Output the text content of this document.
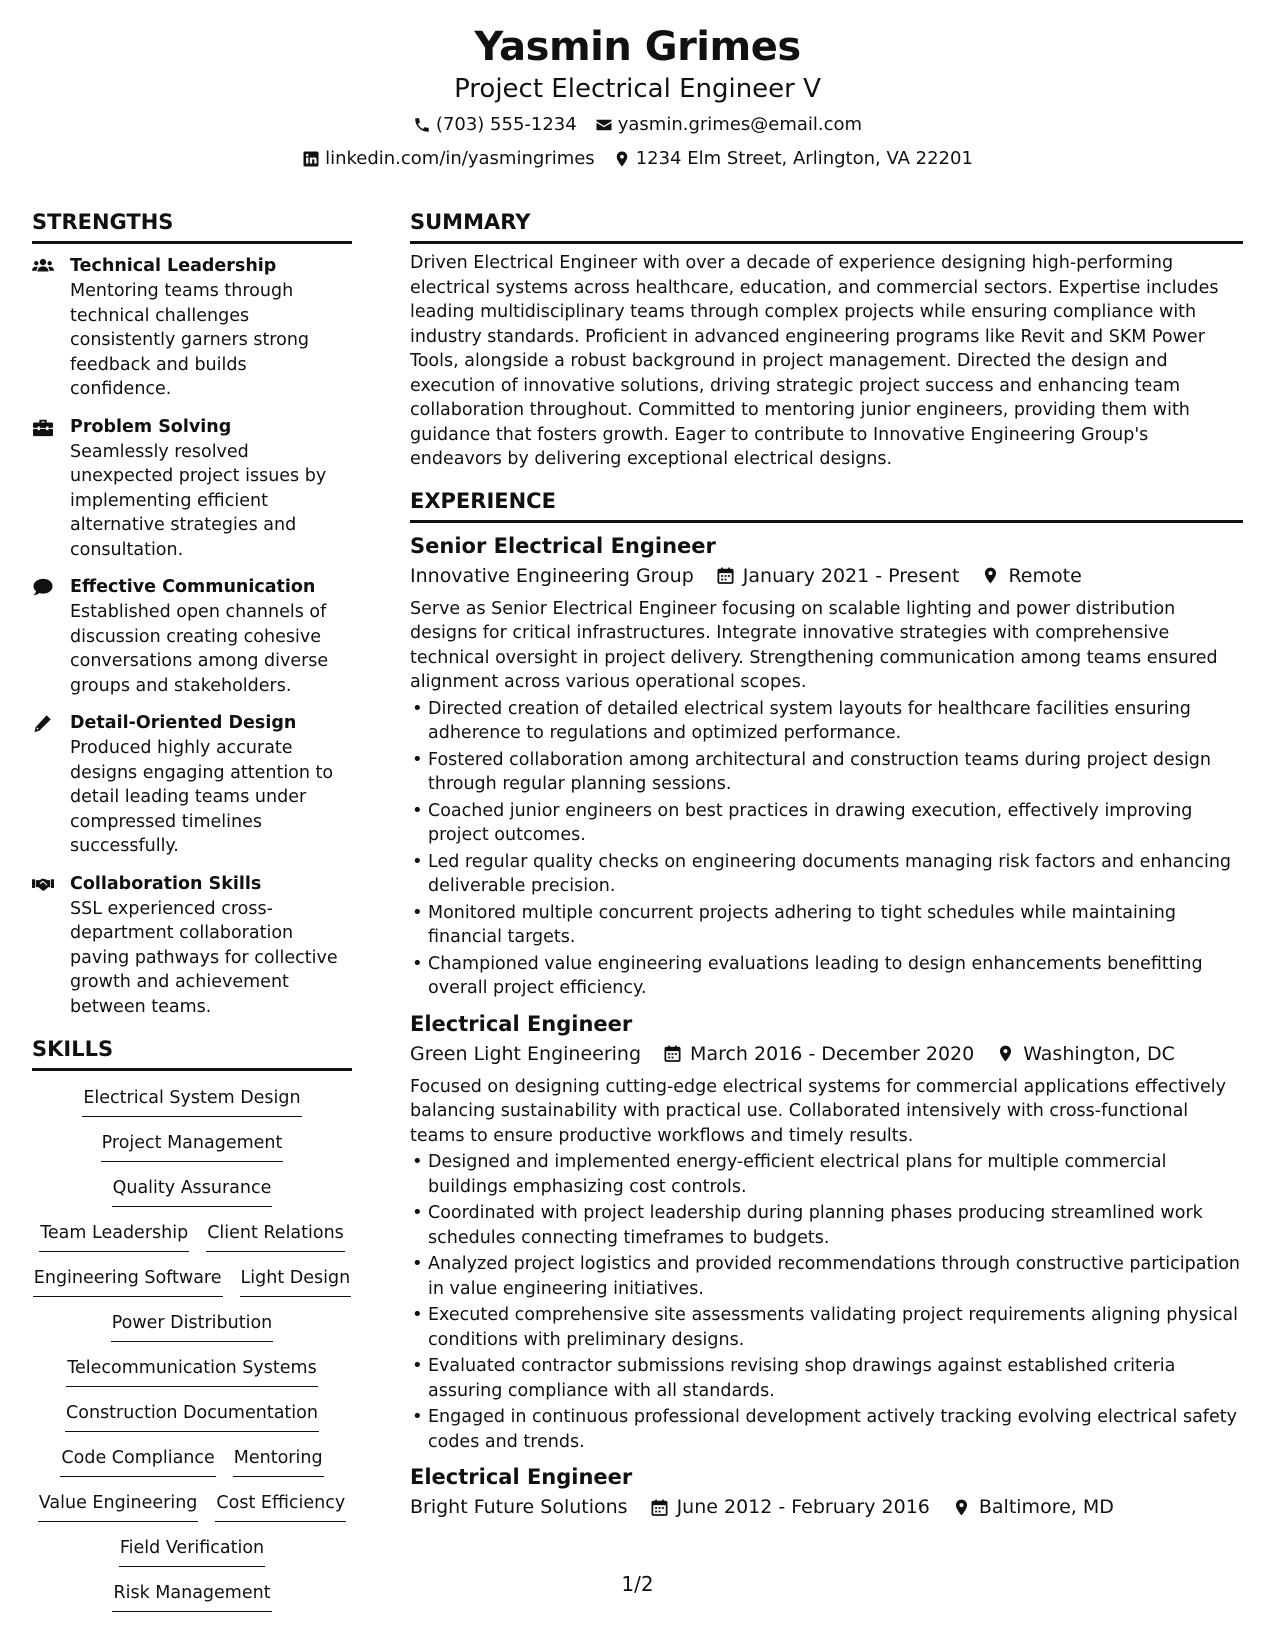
Yasmin Grimes
Project Electrical Engineer V
(703) 555-1234 yasmin.grimes@email.com
linkedin.com/in/yasmingrimes 1234 Elm Street, Arlington, VA 22201
STRENGTHS
Technical Leadership
Mentoring teams through technical challenges consistently garners strong feedback and builds confidence.
Problem Solving
Seamlessly resolved unexpected project issues by implementing efficient alternative strategies and consultation.
Effective Communication
Established open channels of discussion creating cohesive conversations among diverse groups and stakeholders.
Detail-Oriented Design
Produced highly accurate designs engaging attention to detail leading teams under compressed timelines successfully.
Collaboration Skills
SSL experienced cross-department collaboration paving pathways for collective growth and achievement between teams.
SKILLS
Electrical System Design
Project Management
Quality Assurance
Team Leadership Client Relations
Engineering Software Light Design
Power Distribution
Telecommunication Systems
Construction Documentation
Code Compliance Mentoring
Value Engineering Cost Efficiency
Field Verification
Risk Management
SUMMARY
Driven Electrical Engineer with over a decade of experience designing high-performing electrical systems across healthcare, education, and commercial sectors. Expertise includes leading multidisciplinary teams through complex projects while ensuring compliance with industry standards. Proficient in advanced engineering programs like Revit and SKM Power Tools, alongside a robust background in project management. Directed the design and execution of innovative solutions, driving strategic project success and enhancing team collaboration throughout. Committed to mentoring junior engineers, providing them with guidance that fosters growth. Eager to contribute to Innovative Engineering Group's endeavors by delivering exceptional electrical designs.
EXPERIENCE
Senior Electrical Engineer
Innovative Engineering Group	January 2021 - Present	Remote
Serve as Senior Electrical Engineer focusing on scalable lighting and power distribution designs for critical infrastructures. Integrate innovative strategies with comprehensive technical oversight in project delivery. Strengthening communication among teams ensured alignment across various operational scopes.
• Directed creation of detailed electrical system layouts for healthcare facilities ensuring adherence to regulations and optimized performance.
• Fostered collaboration among architectural and construction teams during project design through regular planning sessions.
• Coached junior engineers on best practices in drawing execution, effectively improving project outcomes.
• Led regular quality checks on engineering documents managing risk factors and enhancing deliverable precision.
• Monitored multiple concurrent projects adhering to tight schedules while maintaining financial targets.
• Championed value engineering evaluations leading to design enhancements benefitting overall project efficiency.
Electrical Engineer
Green Light Engineering	March 2016 - December 2020	Washington, DC
Focused on designing cutting-edge electrical systems for commercial applications effectively balancing sustainability with practical use. Collaborated intensively with cross-functional teams to ensure productive workflows and timely results.
• Designed and implemented energy-efficient electrical plans for multiple commercial buildings emphasizing cost controls.
• Coordinated with project leadership during planning phases producing streamlined work schedules connecting timeframes to budgets.
• Analyzed project logistics and provided recommendations through constructive participation in value engineering initiatives.
• Executed comprehensive site assessments validating project requirements aligning physical conditions with preliminary designs.
• Evaluated contractor submissions revising shop drawings against established criteria assuring compliance with all standards.
• Engaged in continuous professional development actively tracking evolving electrical safety codes and trends.
Electrical Engineer
Bright Future Solutions	June 2012 - February 2016	Baltimore, MD
1/2
